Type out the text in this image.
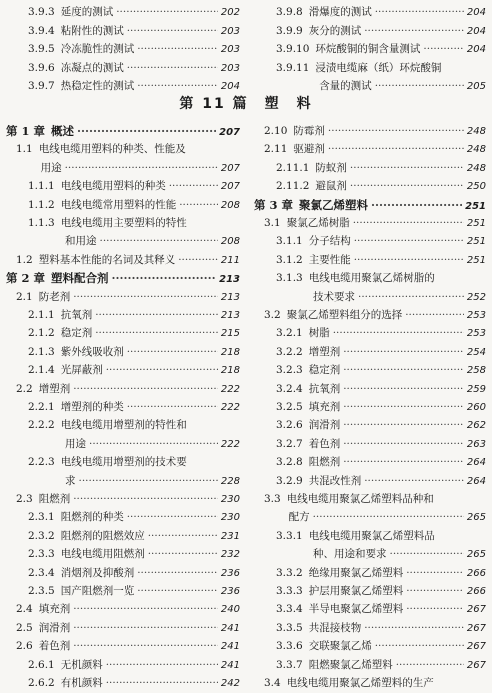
3.9.3 延度的测试 ·····	202
3.9.4 粘附性的测试 ·····	203
3.9.5 冷冻脆性的测试 ·····	203
3.9.6 冻凝点的测试 ·····	203
3.9.7 热稳定性的测试 ·····	204
3.9.8 滑爆度的测试 ·····	204
3.9.9 灰分的测试 ·····	204
3.9.10 环烷酸铜的铜含量测试 ·····	204
3.9.11 浸渍电缆麻（纸）环烷酸铜
含量的测试 ·····	205
第 11 篇　塑　料
第 1 章 概述 ·····	207
1.1 电线电缆用塑料的种类、性能及
用途 ·····	207
1.1.1 电线电缆用塑料的种类 ·····	207
1.1.2 电线电缆常用塑料的性能 ·····	208
1.1.3 电线电缆用主要塑料的特性
和用途 ·····	208
1.2 塑料基本性能的名词及其释义 ·····	211
第 2 章 塑料配合剂 ·····	213
2.1 防老剂 ·····	213
2.1.1 抗氧剂 ·····	213
2.1.2 稳定剂 ·····	215
2.1.3 紫外线吸收剂 ·····	218
2.1.4 光屏蔽剂 ·····	218
2.2 增塑剂 ·····	222
2.2.1 增塑剂的种类 ·····	222
2.2.2 电线电缆用增塑剂的特性和
用途 ·····	222
2.2.3 电线电缆用增塑剂的技术要
求 ·····	228
2.3 阻燃剂 ·····	230
2.3.1 阻燃剂的种类 ·····	230
2.3.2 阻燃剂的阻燃效应 ·····	231
2.3.3 电线电缆用阻燃剂 ·····	232
2.3.4 消烟剂及抑酸剂 ·····	236
2.3.5 国产阻燃剂一览 ·····	236
2.4 填充剂 ·····	240
2.5 润滑剂 ·····	241
2.6 着色剂 ·····	241
2.6.1 无机颜料 ·····	241
2.6.2 有机颜料 ·····	242
2.10 防霉剂 ·····	248
2.11 驱避剂 ·····	248
2.11.1 防蚁剂 ·····	248
2.11.2 避鼠剂 ·····	250
第 3 章 聚氯乙烯塑料 ·····	251
3.1 聚氯乙烯树脂 ·····	251
3.1.1 分子结构 ·····	251
3.1.2 主要性能 ·····	251
3.1.3 电线电缆用聚氯乙烯树脂的
技术要求 ·····	252
3.2 聚氯乙烯塑料组分的选择 ·····	253
3.2.1 树脂 ·····	253
3.2.2 增塑剂 ·····	254
3.2.3 稳定剂 ·····	258
3.2.4 抗氧剂 ·····	259
3.2.5 填充剂 ·····	260
3.2.6 润滑剂 ·····	262
3.2.7 着色剂 ·····	263
3.2.8 阻燃剂 ·····	264
3.2.9 共混改性剂 ·····	264
3.3 电线电缆用聚氯乙烯塑料品种和
配方 ·····	265
3.3.1 电线电缆用聚氯乙烯塑料品
种、用途和要求 ·····	265
3.3.2 绝缘用聚氯乙烯塑料 ·····	266
3.3.3 护层用聚氯乙烯塑料 ·····	266
3.3.4 半导电聚氯乙烯塑料 ·····	267
3.3.5 共混接枝物 ·····	267
3.3.6 交联聚氯乙烯 ·····	267
3.3.7 阻燃聚氯乙烯塑料 ·····	267
3.4 电线电缆用聚氯乙烯塑料的生产
